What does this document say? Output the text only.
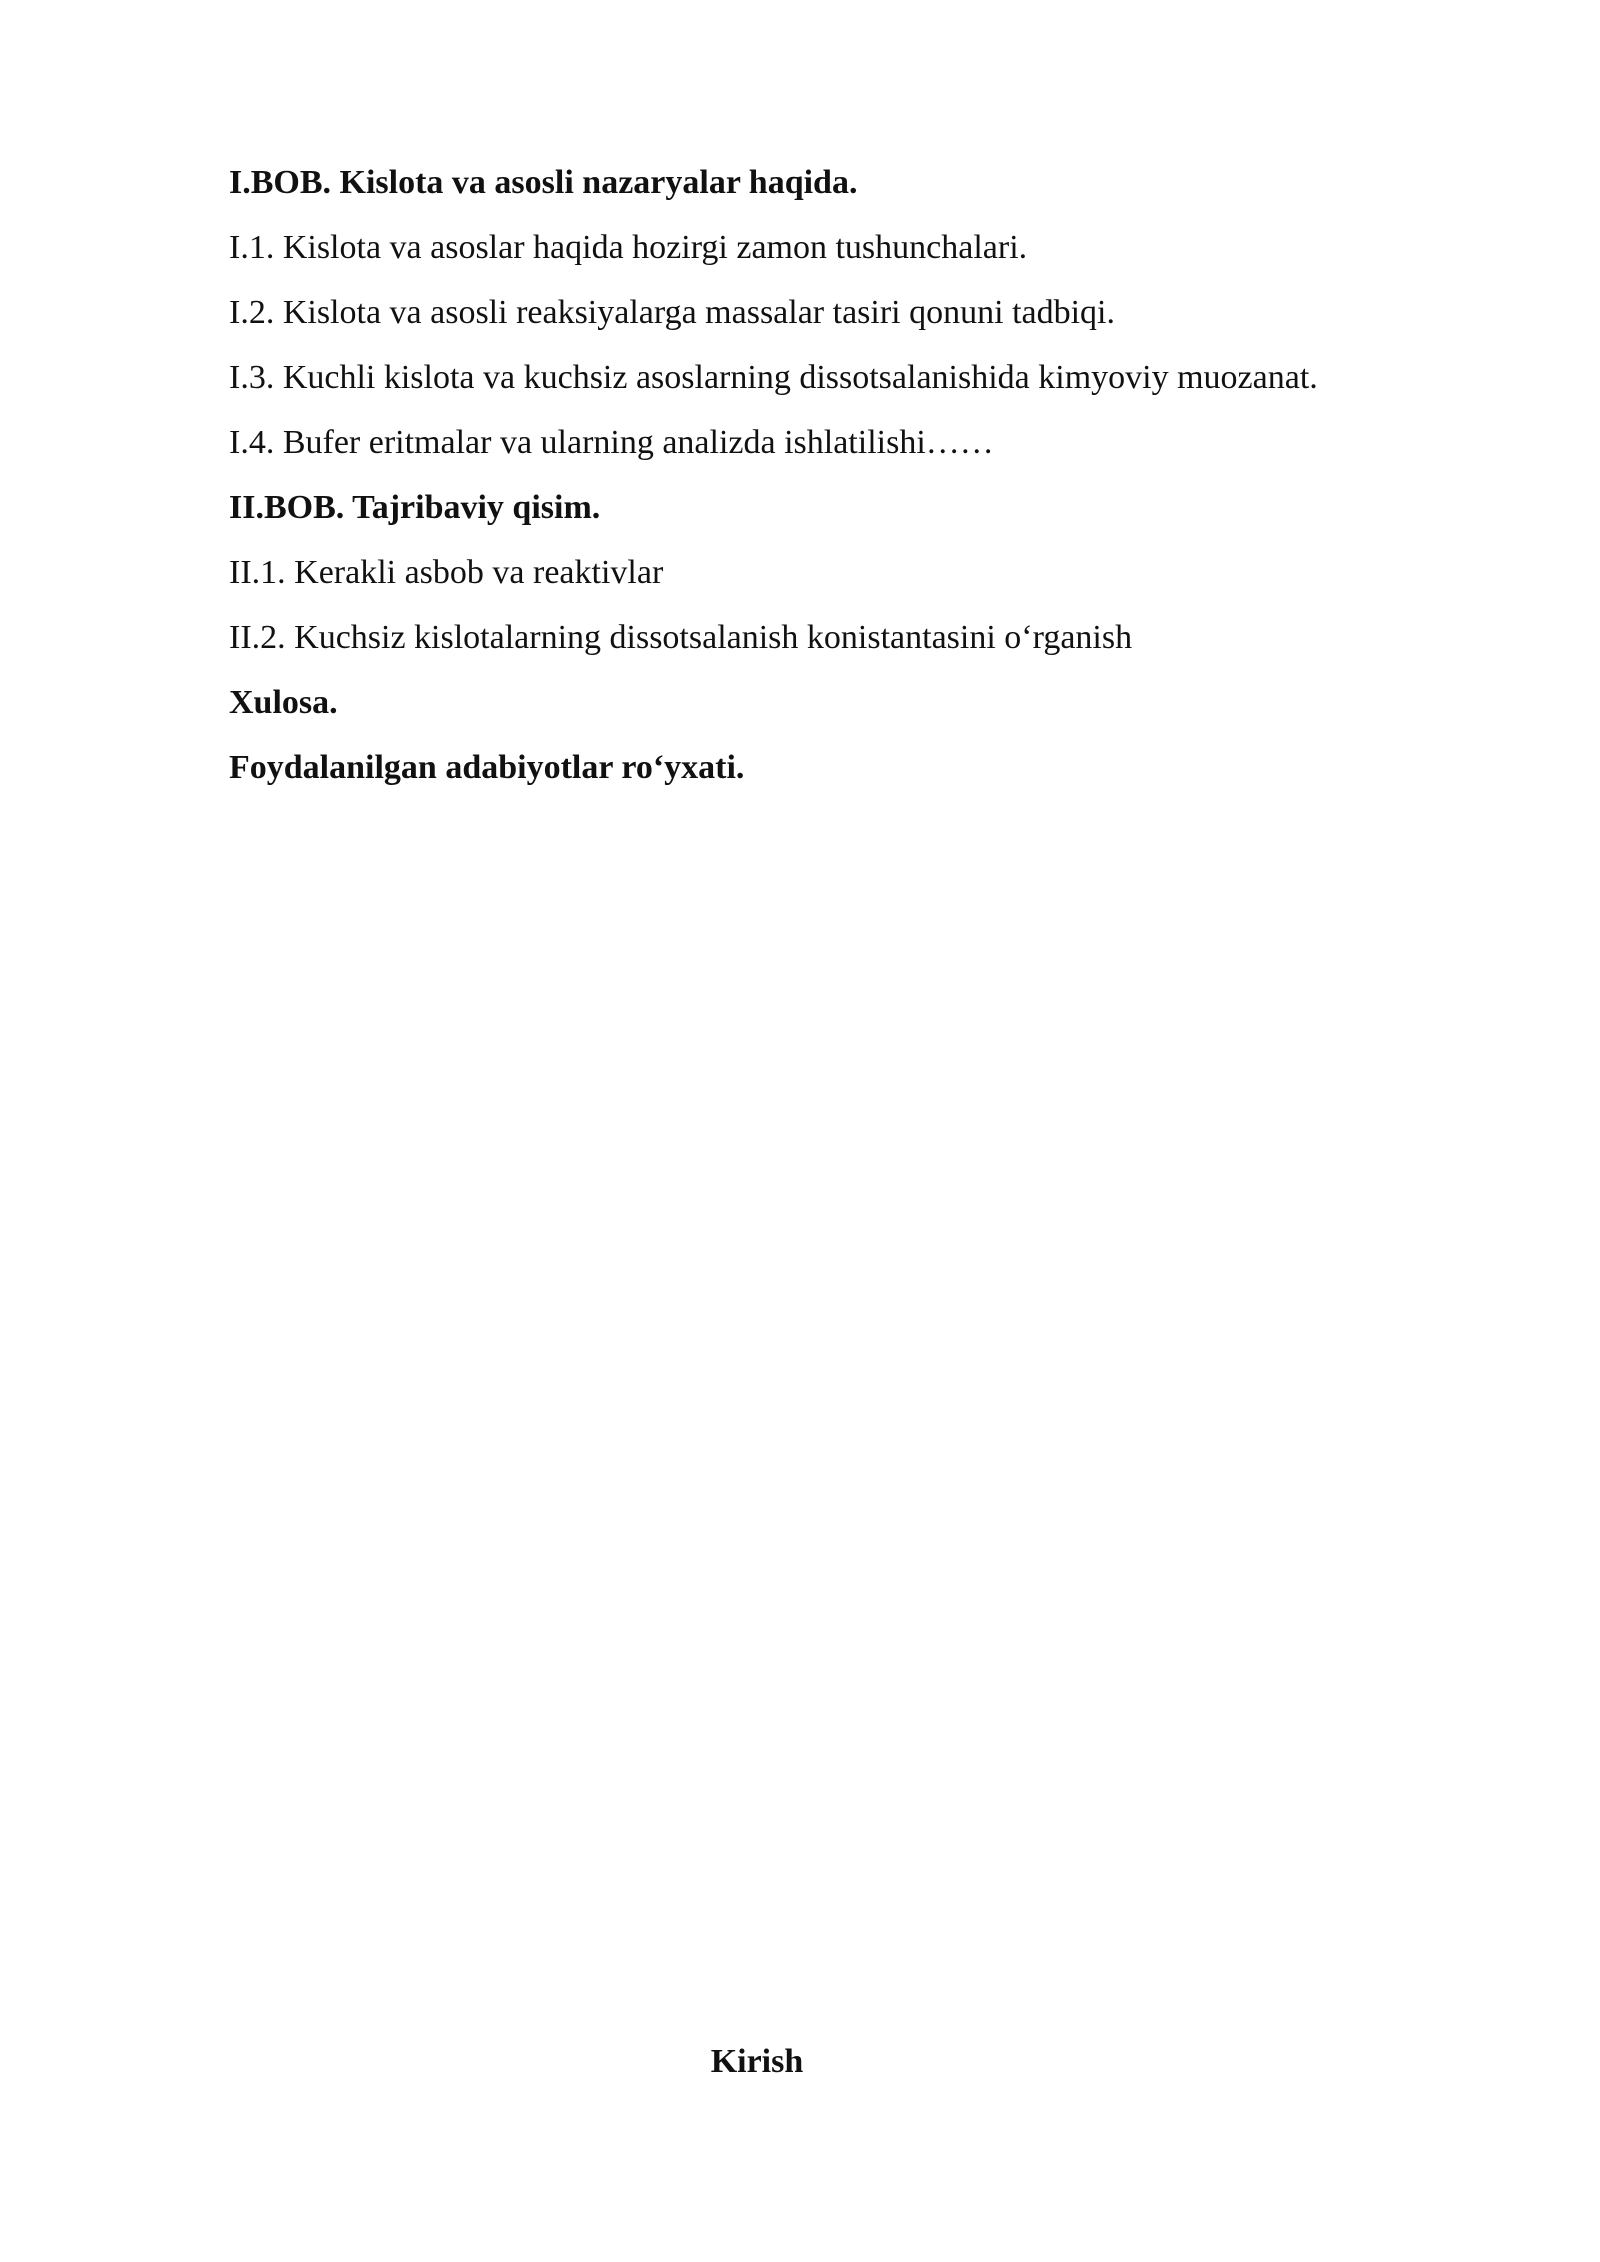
I.BOB. Kislota va asosli nazaryalar haqida.
I.1. Kislota va asoslar haqida hozirgi zamon tushunchalari.
I.2. Kislota va asosli reaksiyalarga massalar tasiri qonuni tadbiqi.
I.3. Kuchli kislota va kuchsiz asoslarning dissotsalanishida kimyoviy muozanat.
I.4. Bufer eritmalar va ularning analizda ishlatilishi……
II.BOB. Tajribaviy qisim.
II.1. Kerakli asbob va reaktivlar
II.2. Kuchsiz kislotalarning dissotsalanish konistantasini o‘rganish
Xulosa.
Foydalanilgan adabiyotlar ro‘yxati.
Kirish
